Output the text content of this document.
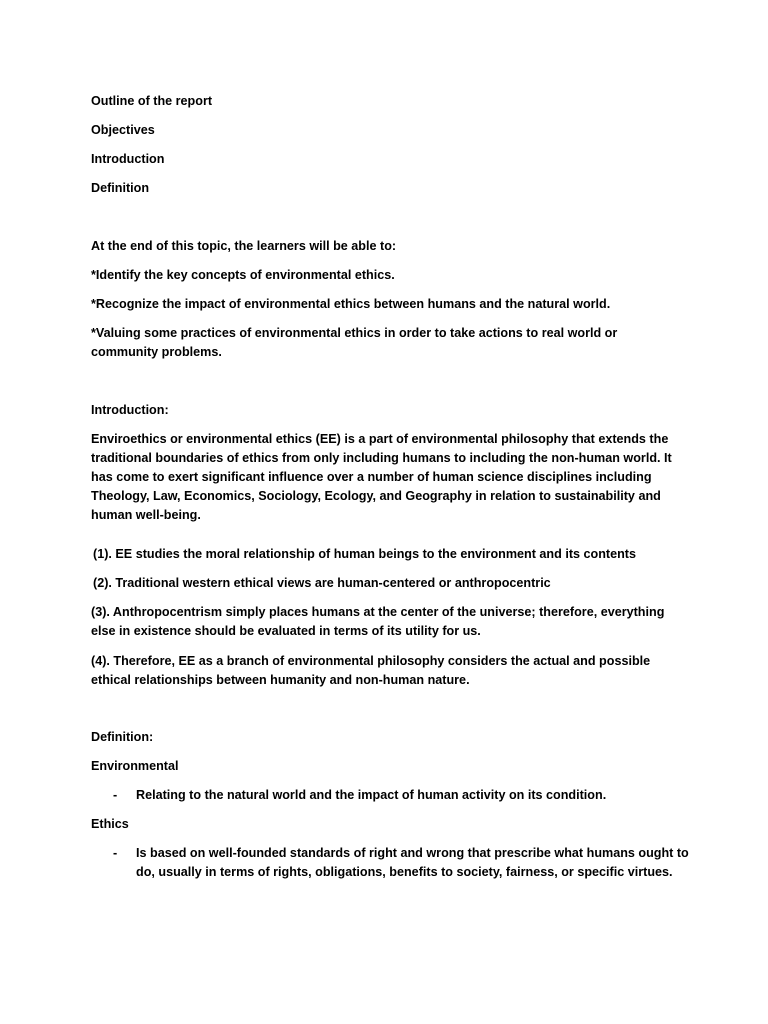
Outline of the report

Objectives

Introduction

Definition

At the end of this topic, the learners will be able to:

*Identify the key concepts of environmental ethics.

*Recognize the impact of environmental ethics between humans and the natural world.

*Valuing some practices of environmental ethics in order to take actions to real world or community problems.

Introduction:

Enviroethics or environmental ethics (EE) is a part of environmental philosophy that extends the traditional boundaries of ethics from only including humans to including the non-human world. It has come to exert significant influence over a number of human science disciplines including Theology, Law, Economics, Sociology, Ecology, and Geography in relation to sustainability and human well-being.

(1). EE studies the moral relationship of human beings to the environment and its contents

(2). Traditional western ethical views are human-centered or anthropocentric

(3). Anthropocentrism simply places humans at the center of the universe; therefore, everything else in existence should be evaluated in terms of its utility for us.

(4). Therefore, EE as a branch of environmental philosophy considers the actual and possible ethical relationships between humanity and non-human nature.

Definition:

Environmental

- Relating to the natural world and the impact of human activity on its condition.

Ethics

- Is based on well-founded standards of right and wrong that prescribe what humans ought to do, usually in terms of rights, obligations, benefits to society, fairness, or specific virtues.
